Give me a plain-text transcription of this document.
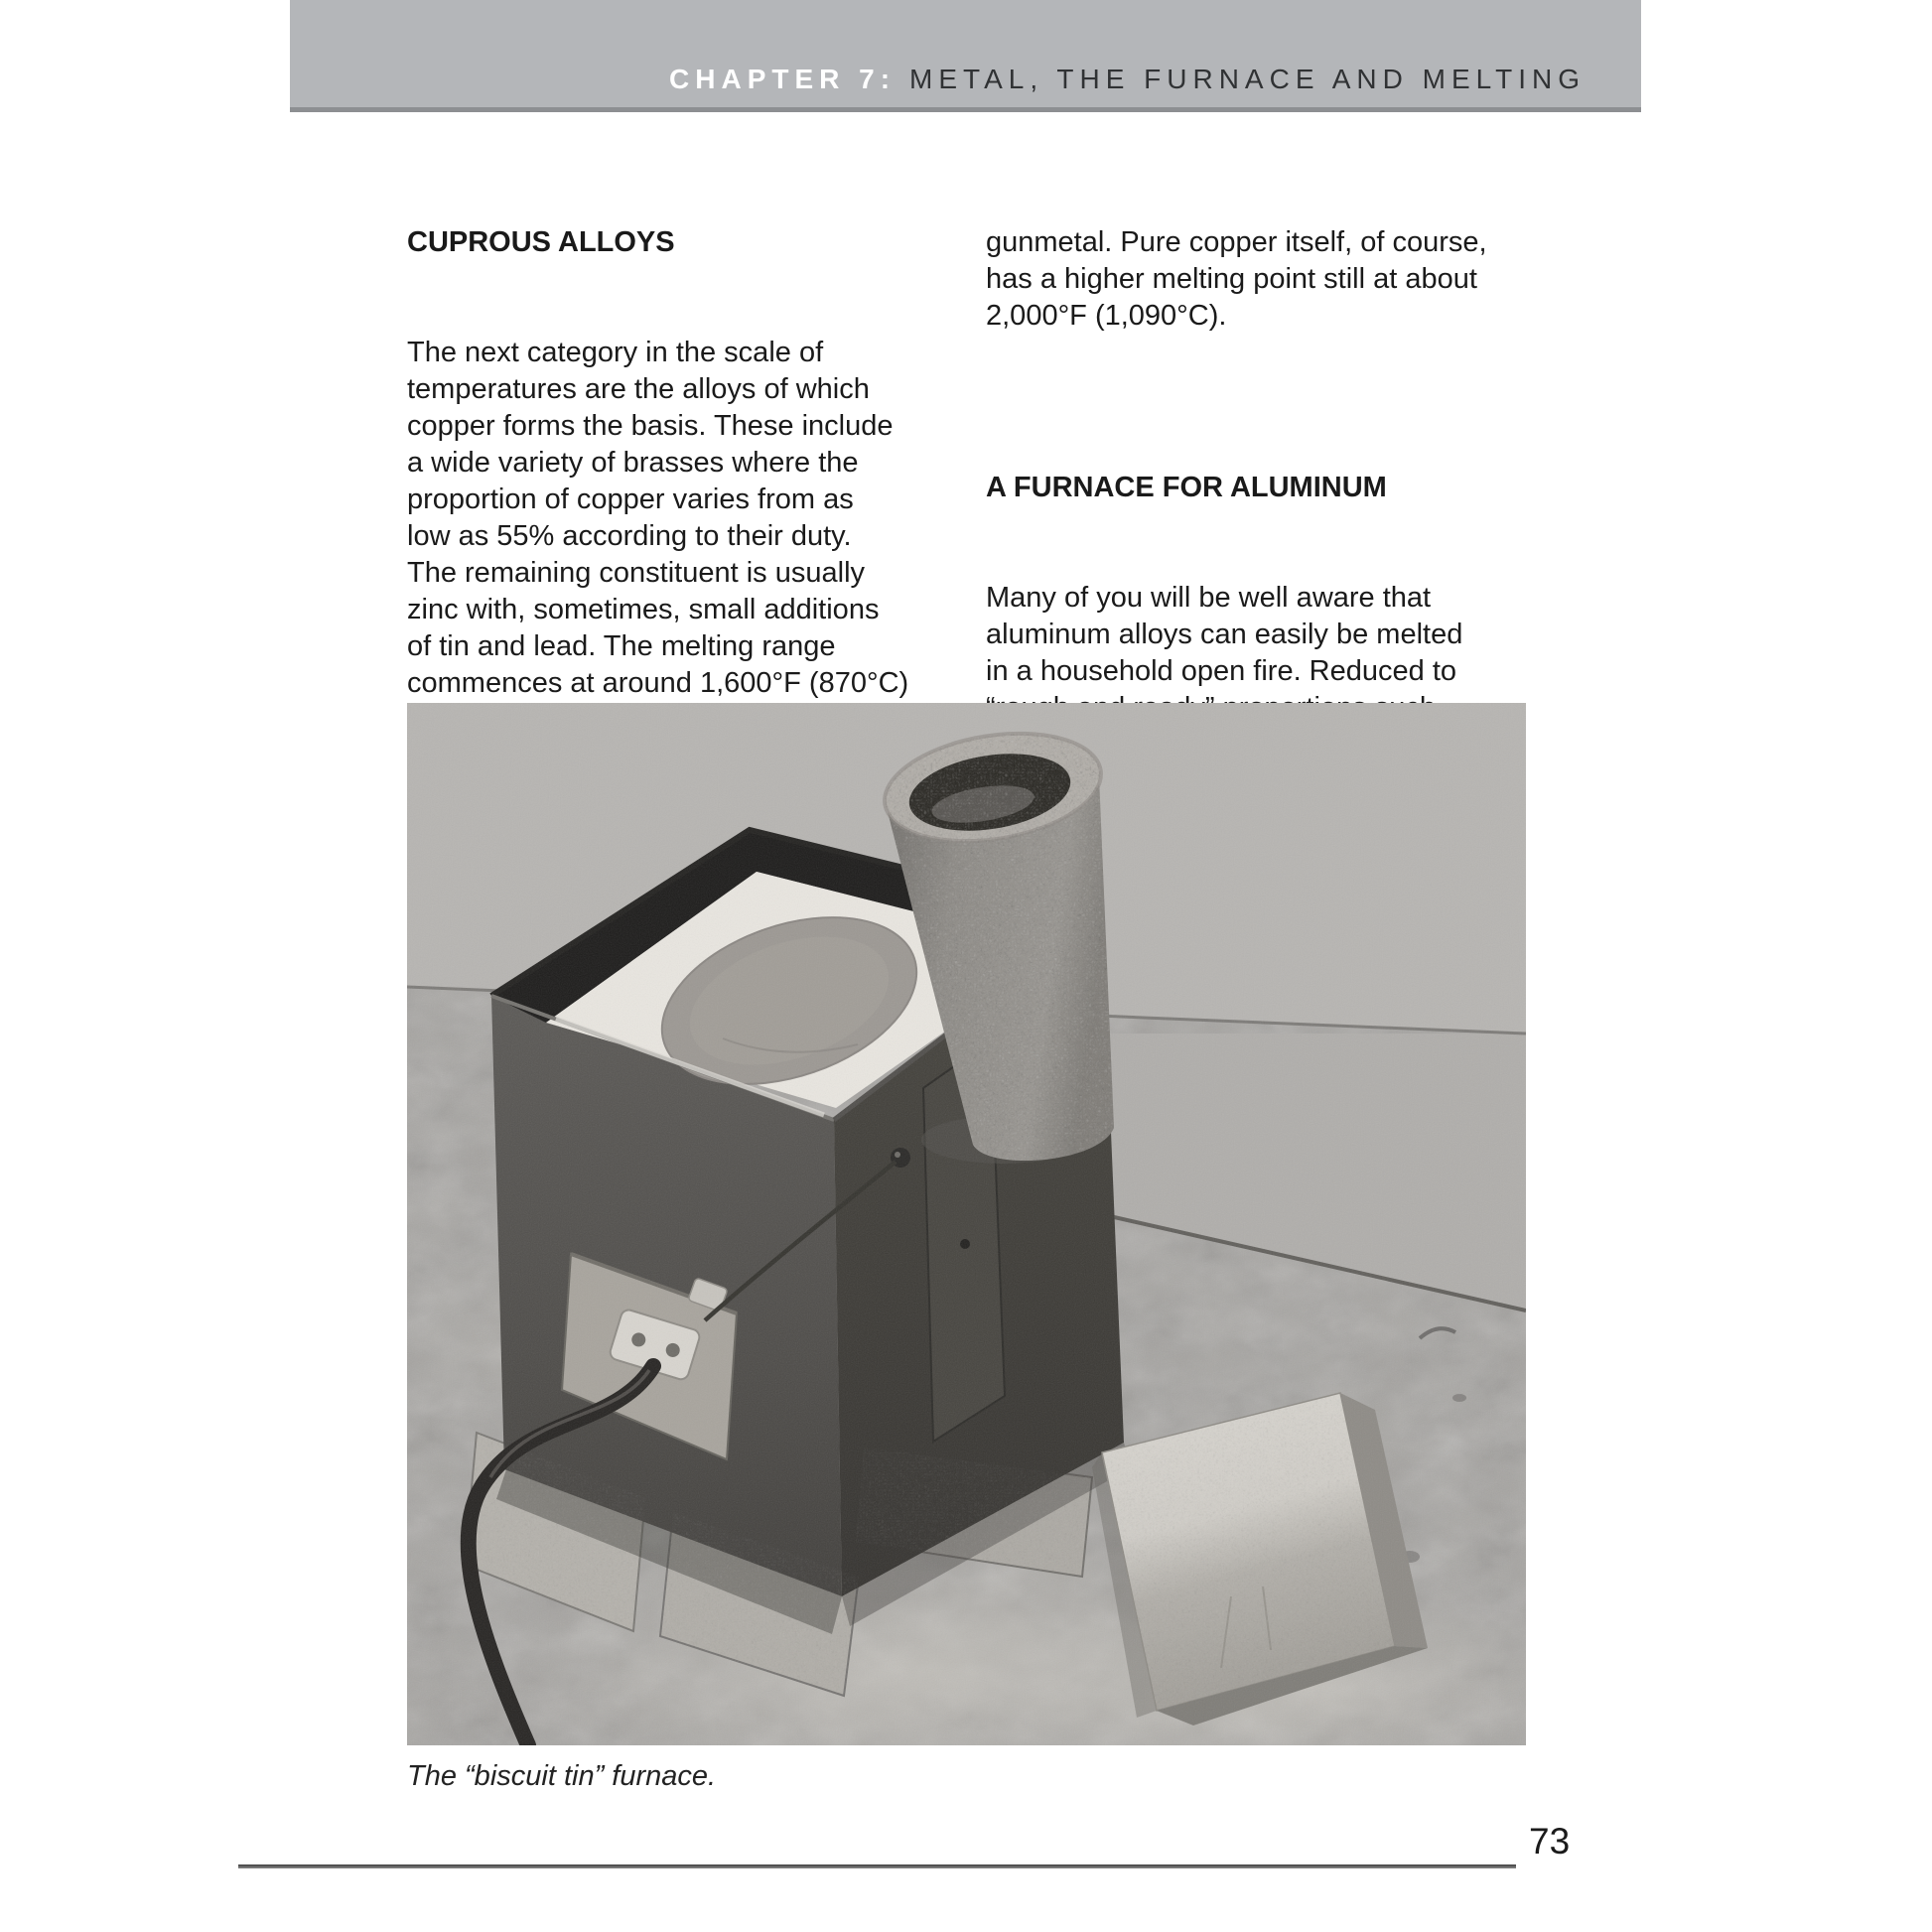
CHAPTER 7: METAL, THE FURNACE AND MELTING

CUPROUS ALLOYS

The next category in the scale of
temperatures are the alloys of which
copper forms the basis. These include
a wide variety of brasses where the
proportion of copper varies from as
low as 55% according to their duty.
The remaining constituent is usually
zinc with, sometimes, small additions
of tin and lead. The melting range
commences at around 1,600°F (870°C)

gunmetal. Pure copper itself, of course,
has a higher melting point still at about
2,000°F (1,090°C).

A FURNACE FOR ALUMINUM

Many of you will be well aware that
aluminum alloys can easily be melted
in a household open fire. Reduced to

The “biscuit tin” furnace.
73
